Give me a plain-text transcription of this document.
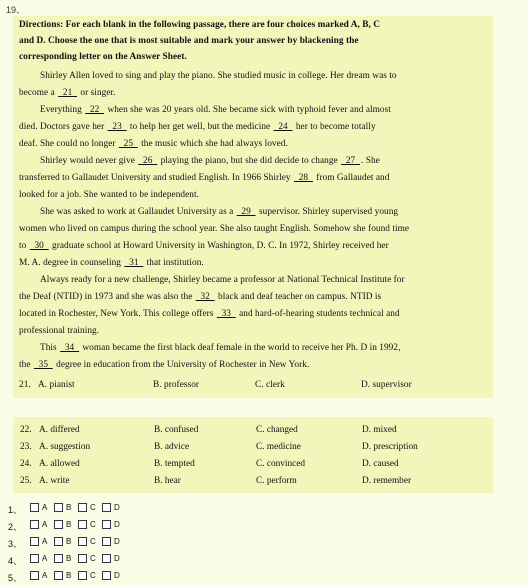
19、
Directions: For each blank in the following passage, there are four choices marked A, B, C
and D. Choose the one that is most suitable and mark your answer by blackening the
corresponding letter on the Answer Sheet.
Shirley Allen loved to sing and play the piano. She studied music in college. Her dream was to
become a   21   or singer.
Everything   22   when she was 20 years old. She became sick with typhoid fever and almost
died. Doctors gave her   23   to help her get well, but the medicine   24   her to become totally
deaf. She could no longer   25   the music which she had always loved.
Shirley would never give   26   playing the piano, but she did decide to change   27  . She
transferred to Gallaudet University and studied English. In 1966 Shirley   28   from Gallaudet and
looked for a job. She wanted to be independent.
She was asked to work at Gallaudet University as a   29   supervisor. Shirley supervised young
women who lived on campus during the school year. She also taught English. Somehow she found time
to   30   graduate school at Howard University in Washington, D. C. In 1972, Shirley received her
M. A. degree in counseling   31   that institution.
Always ready for a new challenge, Shirley became a professor at National Technical Institute for
the Deaf (NTID) in 1973 and she was also the   32   black and deaf teacher on campus. NTID is
located in Rochester, New York. This college offers   33   and hard-of-hearing students technical and
professional training.
This   34   woman became the first black deaf female in the world to receive her Ph. D in 1992,
the   35   degree in education from the University of Rochester in New York.
21. A. pianist	B. professor	C. clerk	D. supervisor
22. A. differed	B. confused	C. changed	D. mixed
23. A. suggestion	B. advice	C. medicine	D. prescription
24. A. allowed	B. tempted	C. convinced	D. caused
25. A. write	B. hear	C. perform	D. remember
1、	A B C D
2、	A B C D
3、	A B C D
4、	A B C D
5、	A B C D
